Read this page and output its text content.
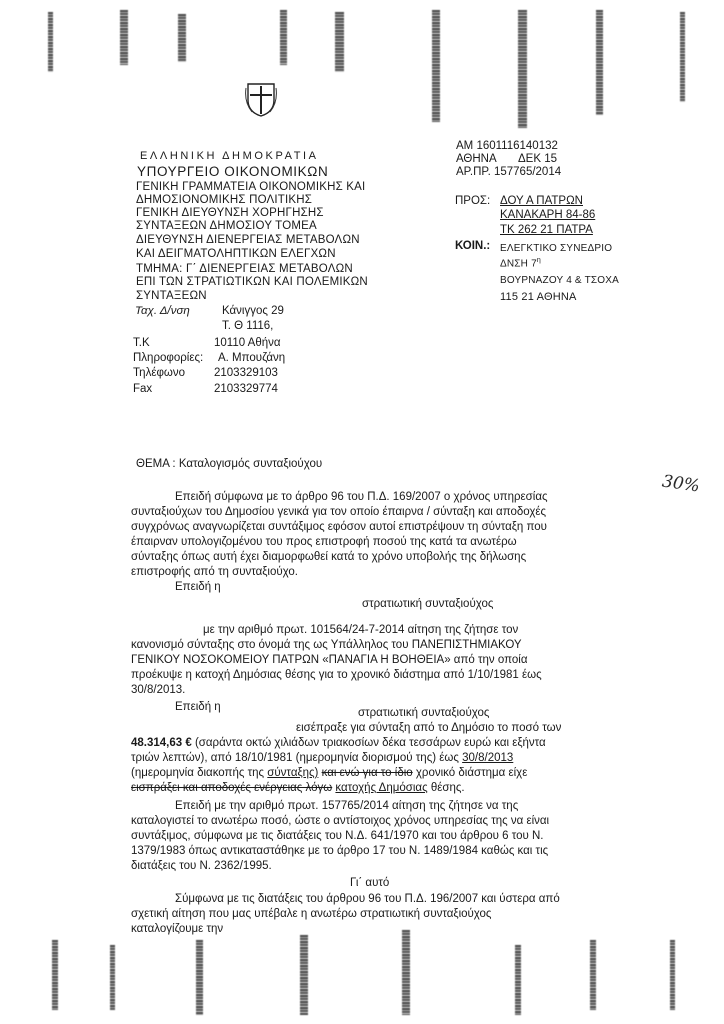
ΕΛΛΗΝΙΚΗ ΔΗΜΟΚΡΑΤΙΑ
ΥΠΟΥΡΓΕΙΟ ΟΙΚΟΝΟΜΙΚΩΝ
ΓΕΝΙΚΗ ΓΡΑΜΜΑΤΕΙΑ ΟΙΚΟΝΟΜΙΚΗΣ ΚΑΙ
ΔΗΜΟΣΙΟΝΟΜΙΚΗΣ ΠΟΛΙΤΙΚΗΣ
ΓΕΝΙΚΗ ΔΙΕΥΘΥΝΣΗ ΧΟΡΗΓΗΣΗΣ
ΣΥΝΤΑΞΕΩΝ ΔΗΜΟΣΙΟΥ ΤΟΜΕΑ
ΔΙΕΥΘΥΝΣΗ ΔΙΕΝΕΡΓΕΙΑΣ ΜΕΤΑΒΟΛΩΝ
ΚΑΙ ΔΕΙΓΜΑΤΟΛΗΠΤΙΚΩΝ ΕΛΕΓΧΩΝ
ΤΜΗΜΑ: Γ΄ ΔΙΕΝΕΡΓΕΙΑΣ ΜΕΤΑΒΟΛΩΝ
ΕΠΙ ΤΩΝ ΣΤΡΑΤΙΩΤΙΚΩΝ ΚΑΙ ΠΟΛΕΜΙΚΩΝ
ΣΥΝΤΑΞΕΩΝ
Ταχ. Δ/νση	Κάνιγγος 29
Τ. Θ 1116,
Τ.Κ	10110 Αθήνα
Πληροφορίες: Α. Μπουζάνη
Τηλέφωνο	2103329103
Fax	2103329774
ΑΜ 1601116140132
ΑΘΗΝΑ ΔΕΚ 15
ΑΡ.ΠΡ. 157765/2014
ΠΡΟΣ: ΔΟΥ Α ΠΑΤΡΩΝ
ΚΑΝΑΚΑΡΗ 84-86
ΤΚ 262 21 ΠΑΤΡΑ
ΚΟΙΝ.: ΕΛΕΓΚΤΙΚΟ ΣΥΝΕΔΡΙΟ
ΔΝΣΗ $7^\eta$
ΒΟΥΡΝΑΖΟΥ 4 & ΤΣΟΧΑ
115 21 ΑΘΗΝΑ
30%
ΘΕΜΑ : Καταλογισμός συνταξιούχου
Επειδή σύμφωνα με το άρθρο 96 του Π.Δ. 169/2007 ο χρόνος υπηρεσίας
συνταξιούχων του Δημοσίου γενικά για τον οποίο έπαιρνα / σύνταξη και αποδοχές
συγχρόνως αναγνωρίζεται συντάξιμος εφόσον αυτοί επιστρέψουν τη σύνταξη που
έπαιρναν υπολογιζομένου του προς επιστροφή ποσού της κατά τα ανωτέρω
σύνταξης όπως αυτή έχει διαμορφωθεί κατά το χρόνο υποβολής της δήλωσης
επιστροφής από τη συνταξιούχο.
Επειδή η
στρατιωτική συνταξιούχος
με την αριθμό πρωτ. 101564/24-7-2014 αίτηση της ζήτησε τον
κανονισμό σύνταξης στο όνομά της ως Υπάλληλος του ΠΑΝΕΠΙΣΤΗΜΙΑΚΟΥ
ΓΕΝΙΚΟΥ ΝΟΣΟΚΟΜΕΙΟΥ ΠΑΤΡΩΝ «ΠΑΝΑΓΙΑ Η ΒΟΗΘΕΙΑ» από την οποία
προέκυψε η κατοχή Δημόσιας θέσης για το χρονικό διάστημα από 1/10/1981 έως
30/8/2013.
Επειδή η	στρατιωτική συνταξιούχος
εισέπραξε για σύνταξη από το Δημόσιο το ποσό των
48.314,63 € (σαράντα οκτώ χιλιάδων τριακοσίων δέκα τεσσάρων ευρώ και εξήντα
τριών λεπτών), από 18/10/1981 (ημερομηνία διορισμού της) έως 30/8/2013
(ημερομηνία διακοπής της σύνταξης) και ενώ για το ίδιο χρονικό διάστημα είχε
εισπράξει και αποδοχές ενέργειας λόγω κατοχής Δημόσιας θέσης.
Επειδή με την αριθμό πρωτ. 157765/2014 αίτηση της ζήτησε να της
καταλογιστεί το ανωτέρω ποσό, ώστε ο αντίστοιχος χρόνος υπηρεσίας της να είναι
συντάξιμος, σύμφωνα με τις διατάξεις του Ν.Δ. 641/1970 και του άρθρου 6 του Ν.
1379/1983 όπως αντικαταστάθηκε με το άρθρο 17 του Ν. 1489/1984 καθώς και τις
διατάξεις του Ν. 2362/1995.
Γι΄ αυτό
Σύμφωνα με τις διατάξεις του άρθρου 96 του Π.Δ. 196/2007 και ύστερα από
σχετική αίτηση που μας υπέβαλε η ανωτέρω στρατιωτική συνταξιούχος
καταλογίζουμε την
